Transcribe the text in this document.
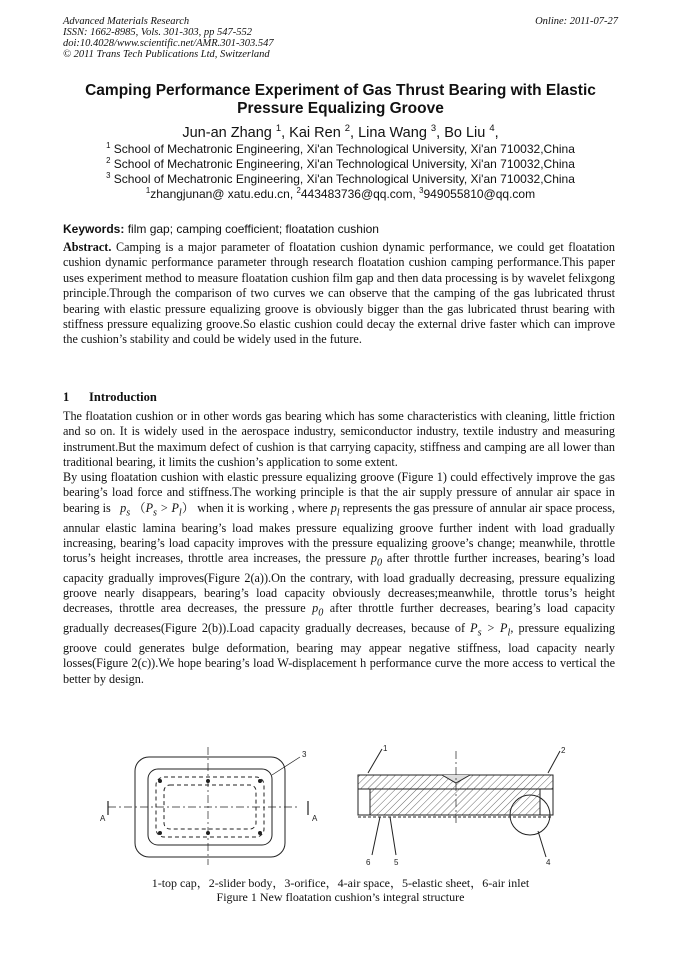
Advanced Materials Research
ISSN: 1662-8985, Vols. 301-303, pp 547-552
doi:10.4028/www.scientific.net/AMR.301-303.547
© 2011 Trans Tech Publications Ltd, Switzerland
Online: 2011-07-27
Camping Performance Experiment of Gas Thrust Bearing with Elastic Pressure Equalizing Groove
Jun-an Zhang $^1$, Kai Ren $^2$, Lina Wang $^3$, Bo Liu $^4$,
$^1$ School of Mechatronic Engineering, Xi'an Technological University, Xi'an 710032,China
$^2$ School of Mechatronic Engineering, Xi'an Technological University, Xi'an 710032,China
$^3$ School of Mechatronic Engineering, Xi'an Technological University, Xi'an 710032,China
$^1$zhangjunan@ xatu.edu.cn, $^2$443483736@qq.com, $^3$949055810@qq.com
Keywords: film gap; camping coefficient; floatation cushion
Abstract. Camping is a major parameter of floatation cushion dynamic performance, we could get floatation cushion dynamic performance parameter through research floatation cushion camping performance.This paper uses experiment method to measure floatation cushion film gap and then data processing is by wavelet felixgong principle.Through the comparison of two curves we can observe that the camping of the gas lubricated thrust bearing with elastic pressure equalizing groove is obviously bigger than the gas lubricated thrust bearing with stiffness pressure equalizing groove.So elastic cushion could decay the external drive faster which can improve the cushion’s stability and could be widely used in the future.
1 Introduction

The floatation cushion or in other words gas bearing which has some characteristics with cleaning, little friction and so on. It is widely used in the aerospace industry, semiconductor industry, textile industry and measuring instrument.But the maximum defect of cushion is that carrying capacity, stiffness and camping are all lower than traditional bearing, it limits the cushion’s application to some extent.

By using floatation cushion with elastic pressure equalizing groove (Figure 1) could effectively improve the gas bearing’s load force and stiffness.The working principle is that the air supply pressure of annular air space in bearing is $p_s$ $(P_s > P_l)$ when it is working , where $p_l$ represents the gas pressure of annular air space process, annular elastic lamina bearing’s load makes pressure equalizing groove further indent with load gradually increasing, bearing’s load capacity improves with the pressure equalizing groove’s change; meanwhile, throttle torus’s height increases, throttle area increases, the pressure $p_0$ after throttle further increases, bearing’s load capacity gradually improves(Figure 2(a)).On the contrary, with load gradually decreasing, pressure equalizing groove nearly disappears, bearing’s load capacity obviously decreases;meanwhile, throttle torus’s height decreases, throttle area decreases, the pressure $p_0$ after throttle further decreases, bearing’s load capacity gradually decreases(Figure 2(b)).Load capacity gradually decreases, because of $P_s > P_l$, pressure equalizing groove could generates bulge deformation, bearing may appear negative stiffness, load capacity nearly losses(Figure 2(c)).We hope bearing’s load W-displacement h performance curve the more access to vertical the better by design.

3
A	A
1	2
4
5
6
1-top cap，2-slider body，3-orifice，4-air space，5-elastic sheet，6-air inlet
Figure 1 New floatation cushion’s integral structure
